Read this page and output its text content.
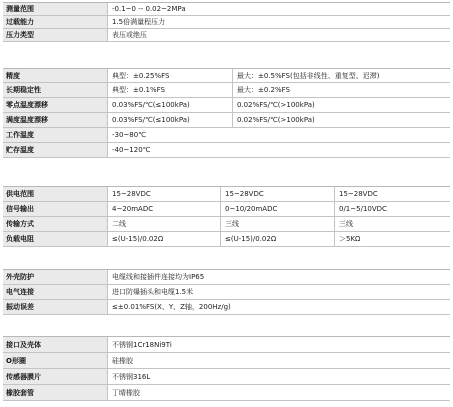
测量范围	-0.1~0 -- 0.02~2MPa
过载能力	1.5倍满量程压力
压力类型	表压或绝压
精度	典型：±0.25%FS	最大：±0.5%FS(包括非线性、重复型、迟滞)
长期稳定性	典型：±0.1%FS	最大：±0.2%FS
零点温度漂移	0.03%FS/℃(≤100kPa)	0.02%FS/℃(>100kPa)
满度温度漂移	0.03%FS/℃(≤100kPa)	0.02%FS/℃(>100kPa)
工作温度	-30~80℃
贮存温度	-40~120℃
供电范围	15~28VDC	15~28VDC	15~28VDC
信号输出	4~20mADC	0~10/20mADC	0/1~5/10VDC
传输方式	二线	三线	三线
负载电阻	≤(U-15)/0.02Ω	≤(U-15)/0.02Ω	＞5KΩ
外壳防护	电缆线和接插件连接均为IP65
电气连接	进口防爆插头和电缆1.5米
振动误差	≤±0.01%FS(X、Y、Z轴，200Hz/g)
接口及壳体	不锈钢1Cr18Ni9Ti
O形圈	硅橡胶
传感器膜片	不锈钢316L
橡胶套管	丁晴橡胶
